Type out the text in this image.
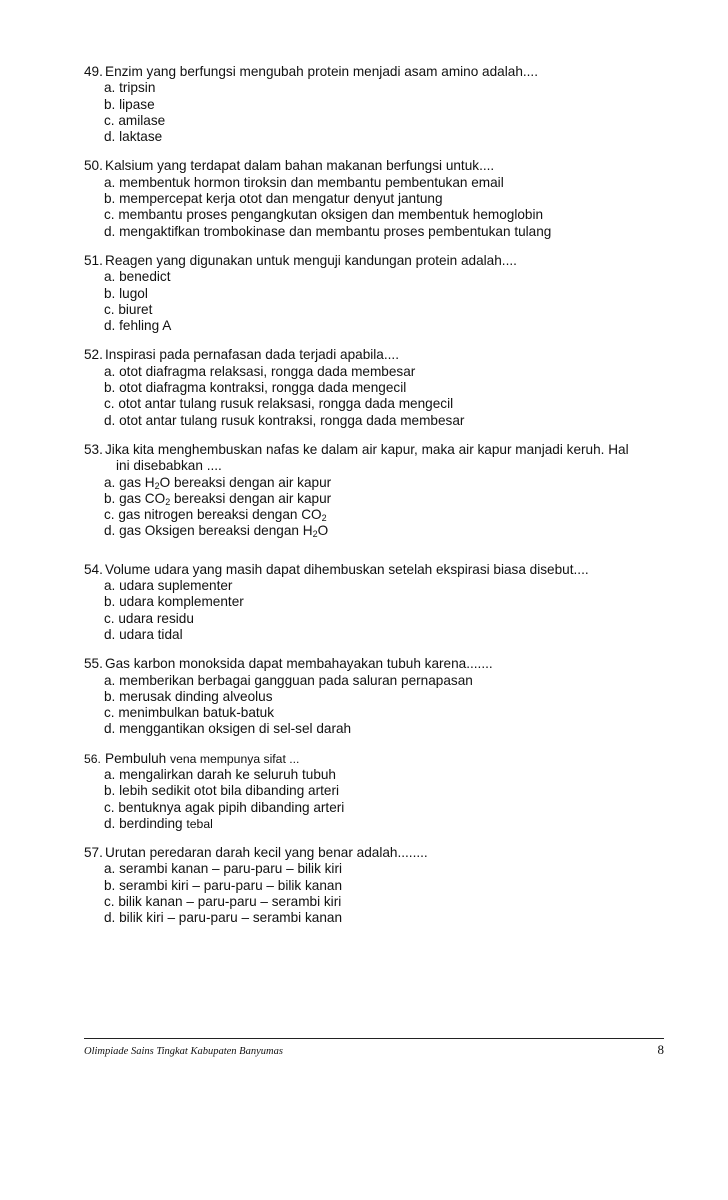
49. Enzim yang berfungsi mengubah protein menjadi asam amino adalah....
a. tripsin
b. lipase
c. amilase
d. laktase
50. Kalsium yang terdapat dalam bahan makanan berfungsi untuk....
a. membentuk hormon tiroksin dan membantu pembentukan email
b. mempercepat kerja otot dan mengatur denyut jantung
c. membantu proses pengangkutan oksigen dan membentuk hemoglobin
d. mengaktifkan trombokinase dan membantu proses pembentukan tulang
51. Reagen yang digunakan untuk menguji kandungan protein adalah....
a. benedict
b. lugol
c. biuret
d. fehling A
52. Inspirasi pada pernafasan dada terjadi apabila....
a. otot diafragma relaksasi, rongga dada membesar
b. otot diafragma kontraksi, rongga dada mengecil
c. otot antar tulang rusuk relaksasi, rongga dada mengecil
d. otot antar tulang rusuk kontraksi, rongga dada membesar
53. Jika kita menghembuskan nafas ke dalam air kapur, maka air kapur manjadi keruh. Hal
ini disebabkan ....
a. gas $H_2O$ bereaksi dengan air kapur
b. gas $CO_2$ bereaksi dengan air kapur
c. gas nitrogen bereaksi dengan $CO_2$
d. gas Oksigen bereaksi dengan $H_2O$
54. Volume udara yang masih dapat dihembuskan setelah ekspirasi biasa disebut....
a. udara suplementer
b. udara komplementer
c. udara residu
d. udara tidal
55. Gas karbon monoksida dapat membahayakan tubuh karena.......
a. memberikan berbagai gangguan pada saluran pernapasan
b. merusak dinding alveolus
c. menimbulkan batuk-batuk
d. menggantikan oksigen di sel-sel darah
56. Pembuluh vena mempunya sifat ...
a. mengalirkan darah ke seluruh tubuh
b. lebih sedikit otot bila dibanding arteri
c. bentuknya agak pipih dibanding arteri
d. berdinding tebal
57. Urutan peredaran darah kecil yang benar adalah........
a. serambi kanan – paru-paru – bilik kiri
b. serambi kiri – paru-paru – bilik kanan
c. bilik kanan – paru-paru – serambi kiri
d. bilik kiri – paru-paru – serambi kanan
Olimpiade Sains Tingkat Kabupaten Banyumas	8
